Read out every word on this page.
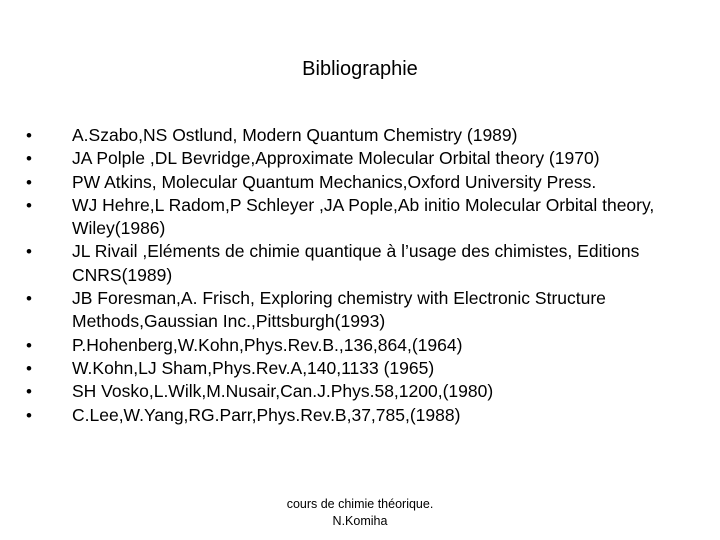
Bibliographie
•	A.Szabo,NS Ostlund, Modern Quantum Chemistry (1989)
•	JA Polple ,DL Bevridge,Approximate Molecular Orbital theory (1970)
•	PW Atkins, Molecular Quantum Mechanics,Oxford University Press.
•	WJ Hehre,L Radom,P Schleyer ,JA Pople,Ab initio Molecular Orbital theory, Wiley(1986)
•	JL Rivail ,Eléments de chimie quantique à l’usage des chimistes, Editions CNRS(1989)
•	JB Foresman,A. Frisch, Exploring chemistry with Electronic Structure Methods,Gaussian Inc.,Pittsburgh(1993)
•	P.Hohenberg,W.Kohn,Phys.Rev.B.,136,864,(1964)
•	W.Kohn,LJ Sham,Phys.Rev.A,140,1133 (1965)
•	SH Vosko,L.Wilk,M.Nusair,Can.J.Phys.58,1200,(1980)
•	C.Lee,W.Yang,RG.Parr,Phys.Rev.B,37,785,(1988)
cours de chimie théorique.
N.Komiha
